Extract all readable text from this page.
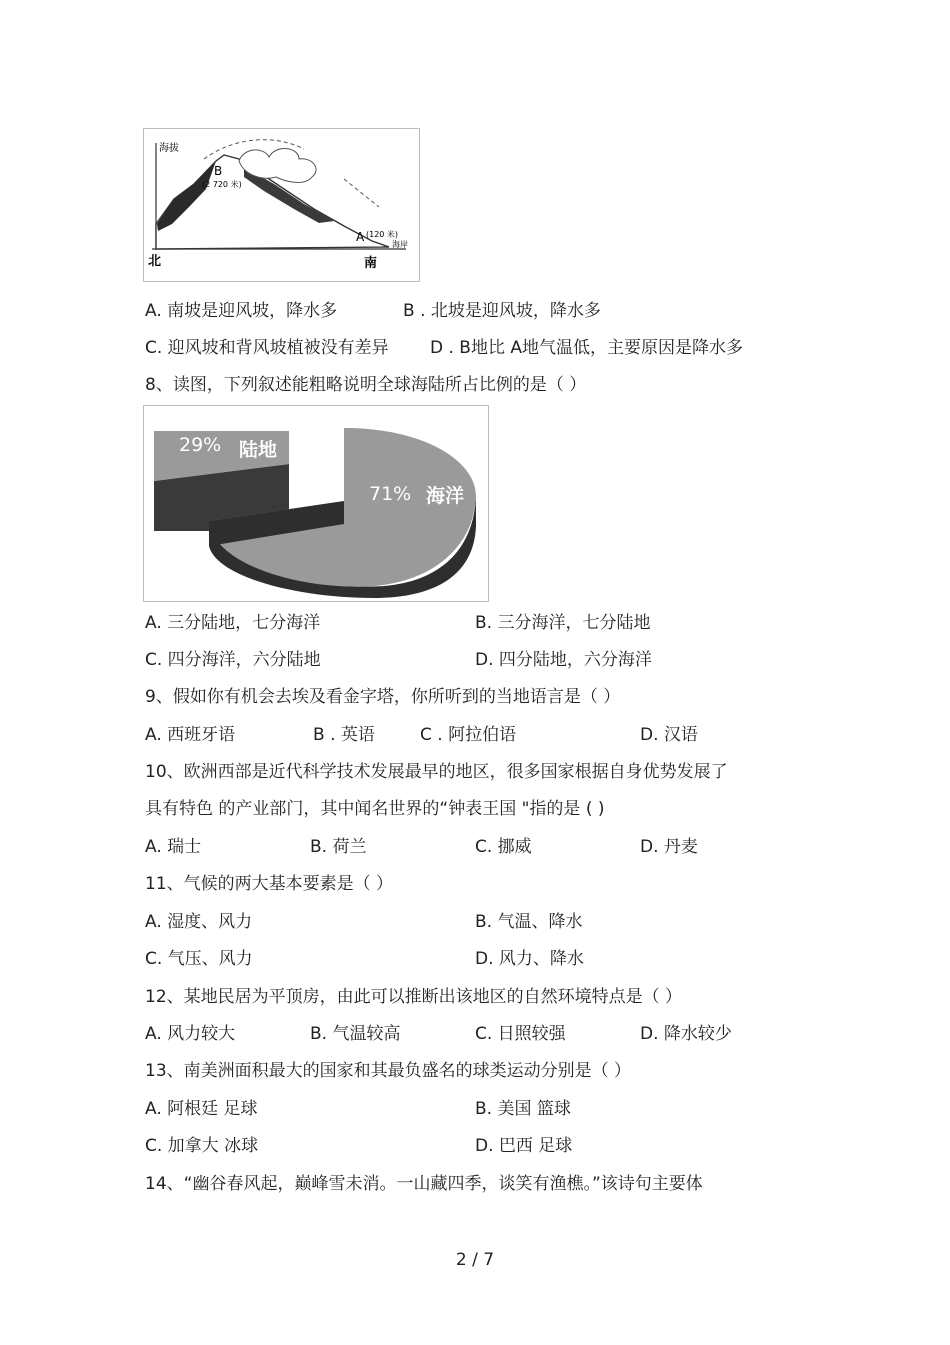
海拔
B
(2 720 米)
A (120 米)
海岸
北	南
A. 南坡是迎风坡，降水多	B . 北坡是迎风坡，降水多
C. 迎风坡和背风坡植被没有差异 D . B地比 A地气温低，主要原因是降水多
8、读图，下列叙述能粗略说明全球海陆所占比例的是（ ）
29% 陆地
71% 海洋
A. 三分陆地，七分海洋	B. 三分海洋，七分陆地
C. 四分海洋，六分陆地	D. 四分陆地，六分海洋
9、假如你有机会去埃及看金字塔，你所听到的当地语言是（ ）
A. 西班牙语	B . 英语	C . 阿拉伯语	D. 汉语
10、欧洲西部是近代科学技术发展最早的地区，很多国家根据自身优势发展了
具有特色 的产业部门，其中闻名世界的“钟表王国 "指的是 ( )
A. 瑞士	B. 荷兰	C. 挪威	D. 丹麦
11、气候的两大基本要素是（ ）
A. 湿度、风力	B. 气温、降水
C. 气压、风力	D. 风力、降水
12、某地民居为平顶房，由此可以推断出该地区的自然环境特点是（ ）
A. 风力较大	B. 气温较高	C. 日照较强	D. 降水较少
13、南美洲面积最大的国家和其最负盛名的球类运动分别是（ ）
A. 阿根廷 足球	B. 美国 篮球
C. 加拿大 冰球	D. 巴西 足球
14、“幽谷春风起，巅峰雪未消。一山藏四季，谈笑有渔樵。”该诗句主要体
2 / 7
